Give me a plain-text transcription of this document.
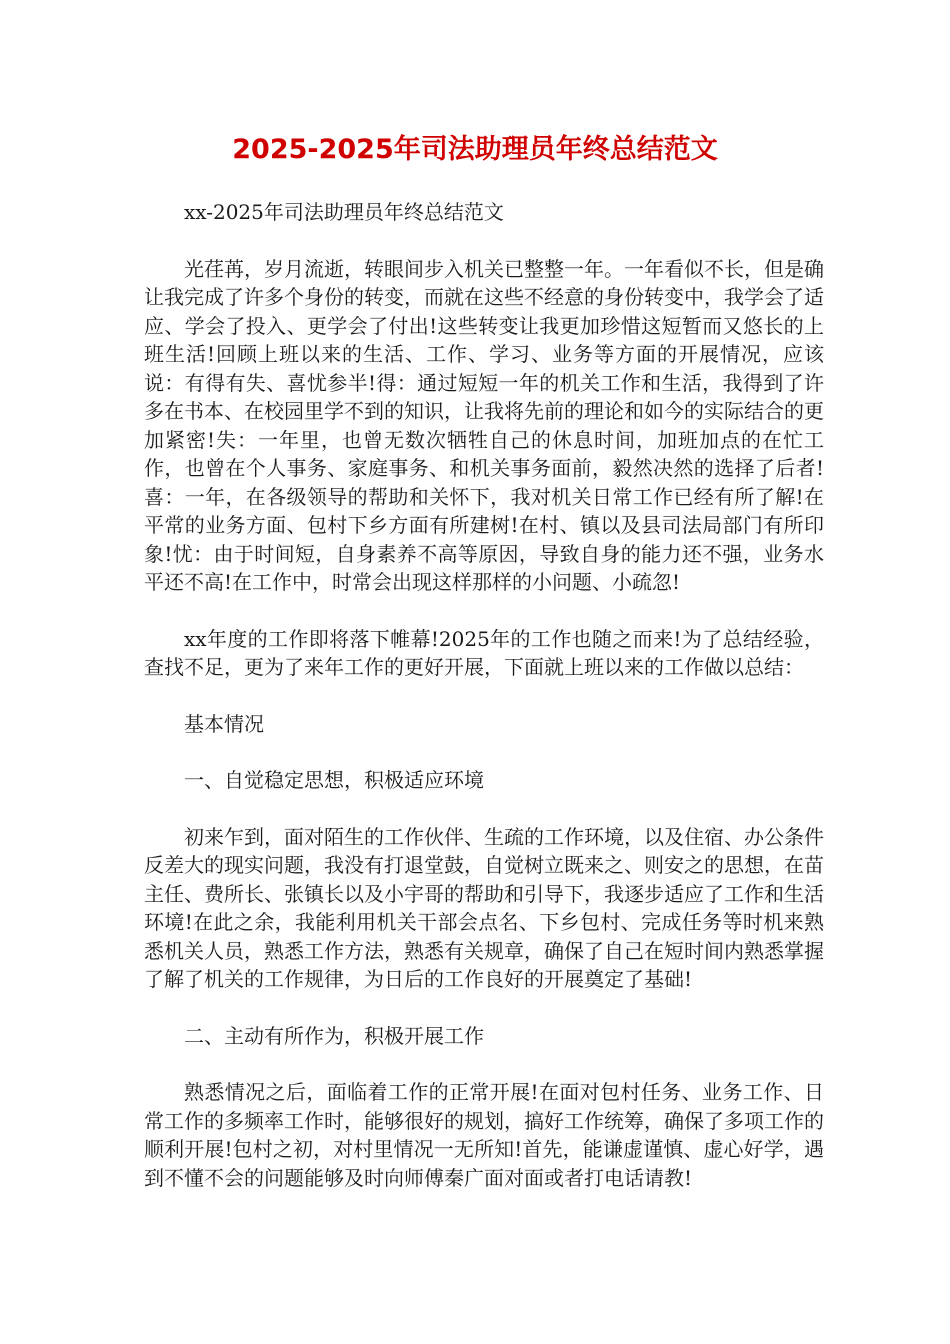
2025-2025年司法助理员年终总结范文

xx-2025年司法助理员年终总结范文

光荏苒，岁月流逝，转眼间步入机关已整整一年。一年看似不长，但是确让我完成了许多个身份的转变，而就在这些不经意的身份转变中，我学会了适应、学会了投入、更学会了付出!这些转变让我更加珍惜这短暂而又悠长的上班生活!回顾上班以来的生活、工作、学习、业务等方面的开展情况，应该说：有得有失、喜忧参半!得：通过短短一年的机关工作和生活，我得到了许多在书本、在校园里学不到的知识，让我将先前的理论和如今的实际结合的更加紧密!失：一年里，也曾无数次牺牲自己的休息时间，加班加点的在忙工作，也曾在个人事务、家庭事务、和机关事务面前，毅然决然的选择了后者!喜：一年，在各级领导的帮助和关怀下，我对机关日常工作已经有所了解!在平常的业务方面、包村下乡方面有所建树!在村、镇以及县司法局部门有所印象!忧：由于时间短，自身素养不高等原因，导致自身的能力还不强，业务水平还不高!在工作中，时常会出现这样那样的小问题、小疏忽!

xx年度的工作即将落下帷幕!2025年的工作也随之而来!为了总结经验，查找不足，更为了来年工作的更好开展，下面就上班以来的工作做以总结：

基本情况

一、自觉稳定思想，积极适应环境

初来乍到，面对陌生的工作伙伴、生疏的工作环境，以及住宿、办公条件反差大的现实问题，我没有打退堂鼓，自觉树立既来之、则安之的思想，在苗主任、费所长、张镇长以及小宇哥的帮助和引导下，我逐步适应了工作和生活环境!在此之余，我能利用机关干部会点名、下乡包村、完成任务等时机来熟悉机关人员，熟悉工作方法，熟悉有关规章，确保了自己在短时间内熟悉掌握了解了机关的工作规律，为日后的工作良好的开展奠定了基础!

二、主动有所作为，积极开展工作

熟悉情况之后，面临着工作的正常开展!在面对包村任务、业务工作、日常工作的多频率工作时，能够很好的规划，搞好工作统筹，确保了多项工作的顺利开展!包村之初，对村里情况一无所知!首先，能谦虚谨慎、虚心好学，遇到不懂不会的问题能够及时向师傅秦广面对面或者打电话请教!
